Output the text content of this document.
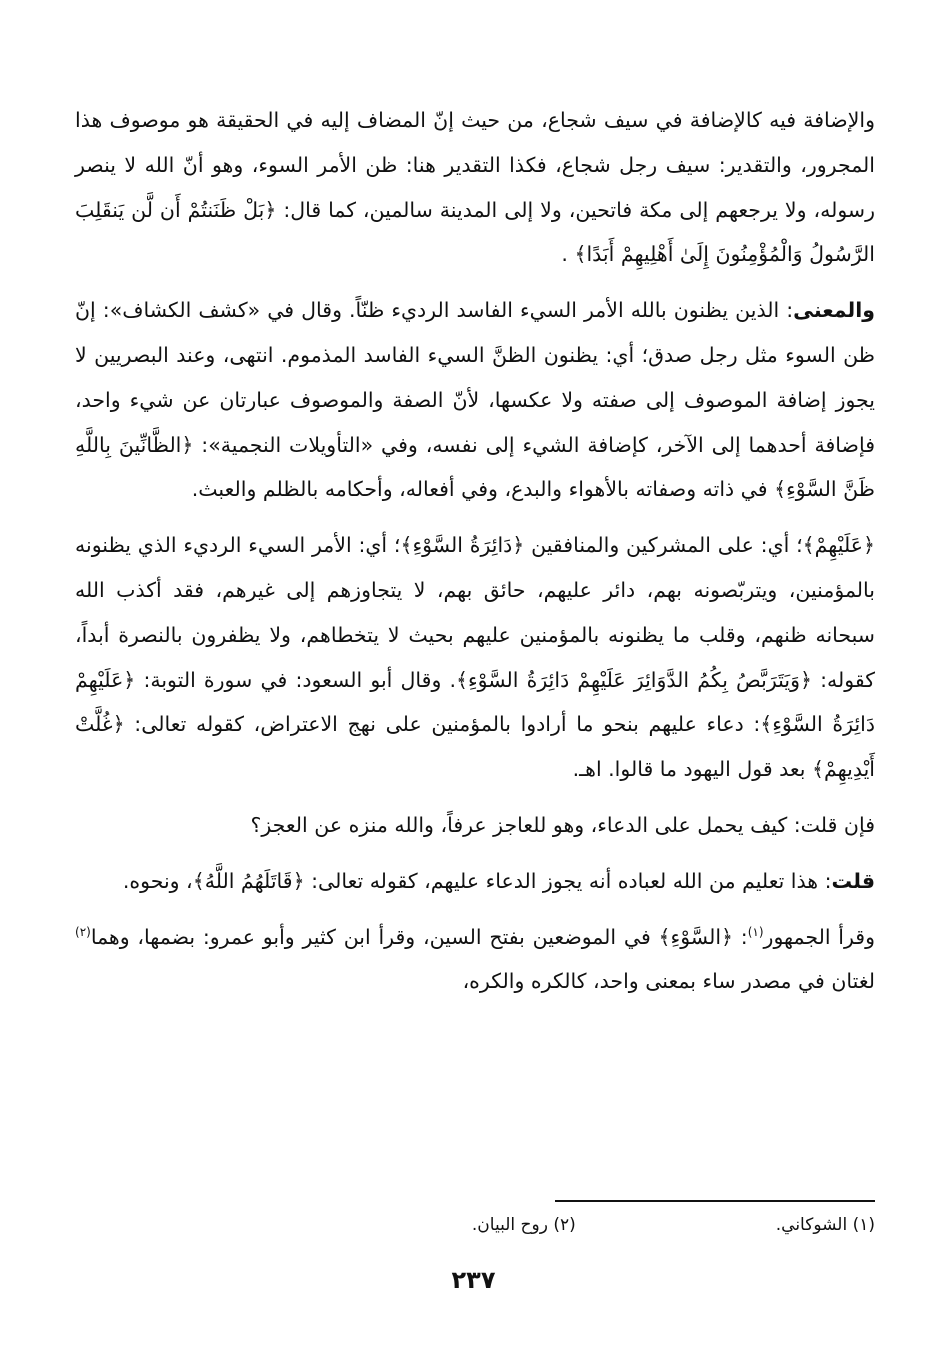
والإضافة فيه كالإضافة في سيف شجاع، من حيث إنّ المضاف إليه في الحقيقة هو موصوف هذا المجرور، والتقدير: سيف رجل شجاع، فكذا التقدير هنا: ظن الأمر السوء، وهو أنّ الله لا ينصر رسوله، ولا يرجعهم إلى مكة فاتحين، ولا إلى المدينة سالمين، كما قال: ﴿بَلْ ظَنَنتُمْ أَن لَّن يَنقَلِبَ الرَّسُولُ وَالْمُؤْمِنُونَ إِلَىٰ أَهْلِيهِمْ أَبَدًا﴾ .

والمعنى: الذين يظنون بالله الأمر السيء الفاسد الرديء ظنّاً. وقال في «كشف الكشاف»: إنّ ظن السوء مثل رجل صدق؛ أي: يظنون الظنَّ السيء الفاسد المذموم. انتهى، وعند البصريين لا يجوز إضافة الموصوف إلى صفته ولا عكسها، لأنّ الصفة والموصوف عبارتان عن شيء واحد، فإضافة أحدهما إلى الآخر، كإضافة الشيء إلى نفسه، وفي «التأويلات النجمية»: ﴿الظَّانِّينَ بِاللَّهِ ظَنَّ السَّوْءِ﴾ في ذاته وصفاته بالأهواء والبدع، وفي أفعاله، وأحكامه بالظلم والعبث.

﴿عَلَيْهِمْ﴾؛ أي: على المشركين والمنافقين ﴿دَائِرَةُ السَّوْءِ﴾؛ أي: الأمر السيء الرديء الذي يظنونه بالمؤمنين، ويتربّصونه بهم، دائر عليهم، حائق بهم، لا يتجاوزهم إلى غيرهم، فقد أكذب الله سبحانه ظنهم، وقلب ما يظنونه بالمؤمنين عليهم بحيث لا يتخطاهم، ولا يظفرون بالنصرة أبداً، كقوله: ﴿وَيَتَرَبَّصُ بِكُمُ الدَّوَائِرَ عَلَيْهِمْ دَائِرَةُ السَّوْءِ﴾. وقال أبو السعود: في سورة التوبة: ﴿عَلَيْهِمْ دَائِرَةُ السَّوْءِ﴾: دعاء عليهم بنحو ما أرادوا بالمؤمنين على نهج الاعتراض، كقوله تعالى: ﴿غُلَّتْ أَيْدِيهِمْ﴾ بعد قول اليهود ما قالوا. اهـ.

فإن قلت: كيف يحمل على الدعاء، وهو للعاجز عرفاً، والله منزه عن العجز؟

قلت: هذا تعليم من الله لعباده أنه يجوز الدعاء عليهم، كقوله تعالى: ﴿قَاتَلَهُمُ اللَّهُ﴾، ونحوه.

وقرأ الجمهور$^{(١)}$: ﴿السَّوْءِ﴾ في الموضعين بفتح السين، وقرأ ابن كثير وأبو عمرو: بضمها، وهما$^{(٢)}$ لغتان في مصدر ساء بمعنى واحد، كالكره والكره،

(١) الشوكاني.
(٢) روح البيان.
٢٣٧
